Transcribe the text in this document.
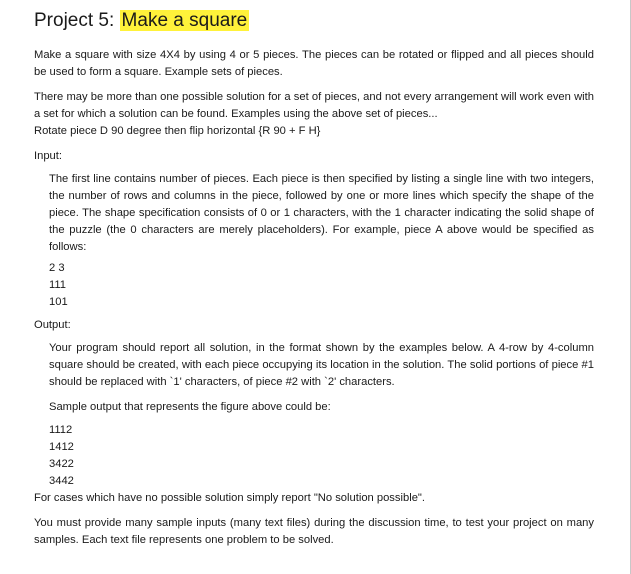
Project 5: Make a square

Make a square with size 4X4 by using 4 or 5 pieces. The pieces can be rotated or flipped and all pieces should be used to form a square. Example sets of pieces.

There may be more than one possible solution for a set of pieces, and not every arrangement will work even with a set for which a solution can be found. Examples using the above set of pieces...

Rotate piece D 90 degree then flip horizontal {R 90 + F H}

Input:

The first line contains number of pieces. Each piece is then specified by listing a single line with two integers, the number of rows and columns in the piece, followed by one or more lines which specify the shape of the piece. The shape specification consists of 0 or 1 characters, with the 1 character indicating the solid shape of the puzzle (the 0 characters are merely placeholders). For example, piece A above would be specified as follows:

2 3

111

101

Output:

Your program should report all solution, in the format shown by the examples below. A 4-row by 4-column square should be created, with each piece occupying its location in the solution. The solid portions of piece #1 should be replaced with `1' characters, of piece #2 with `2' characters.

Sample output that represents the figure above could be:

1112

1412

3422

3442

For cases which have no possible solution simply report "No solution possible".

You must provide many sample inputs (many text files) during the discussion time, to test your project on many samples. Each text file represents one problem to be solved.
